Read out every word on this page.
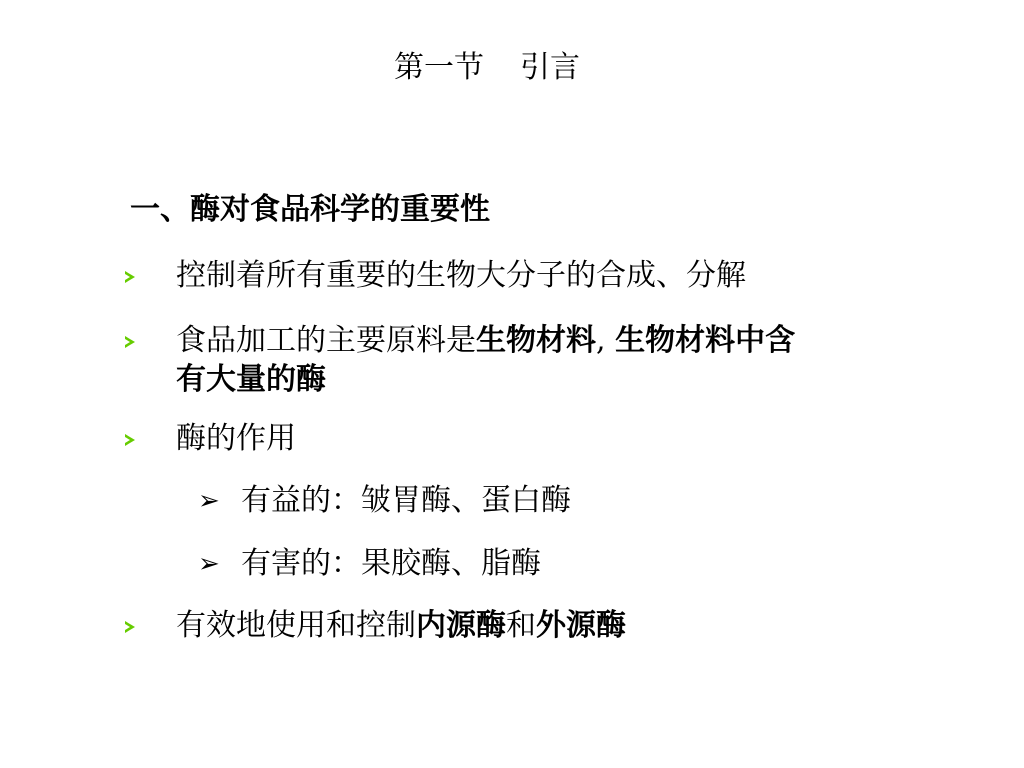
第一节 引言
一、酶对食品科学的重要性
控制着所有重要的生物大分子的合成、分解
食品加工的主要原料是生物材料, 生物材料中含
有大量的酶
酶的作用
➢ 有益的：皱胃酶、蛋白酶
➢ 有害的：果胶酶、脂酶
有效地使用和控制内源酶和外源酶
